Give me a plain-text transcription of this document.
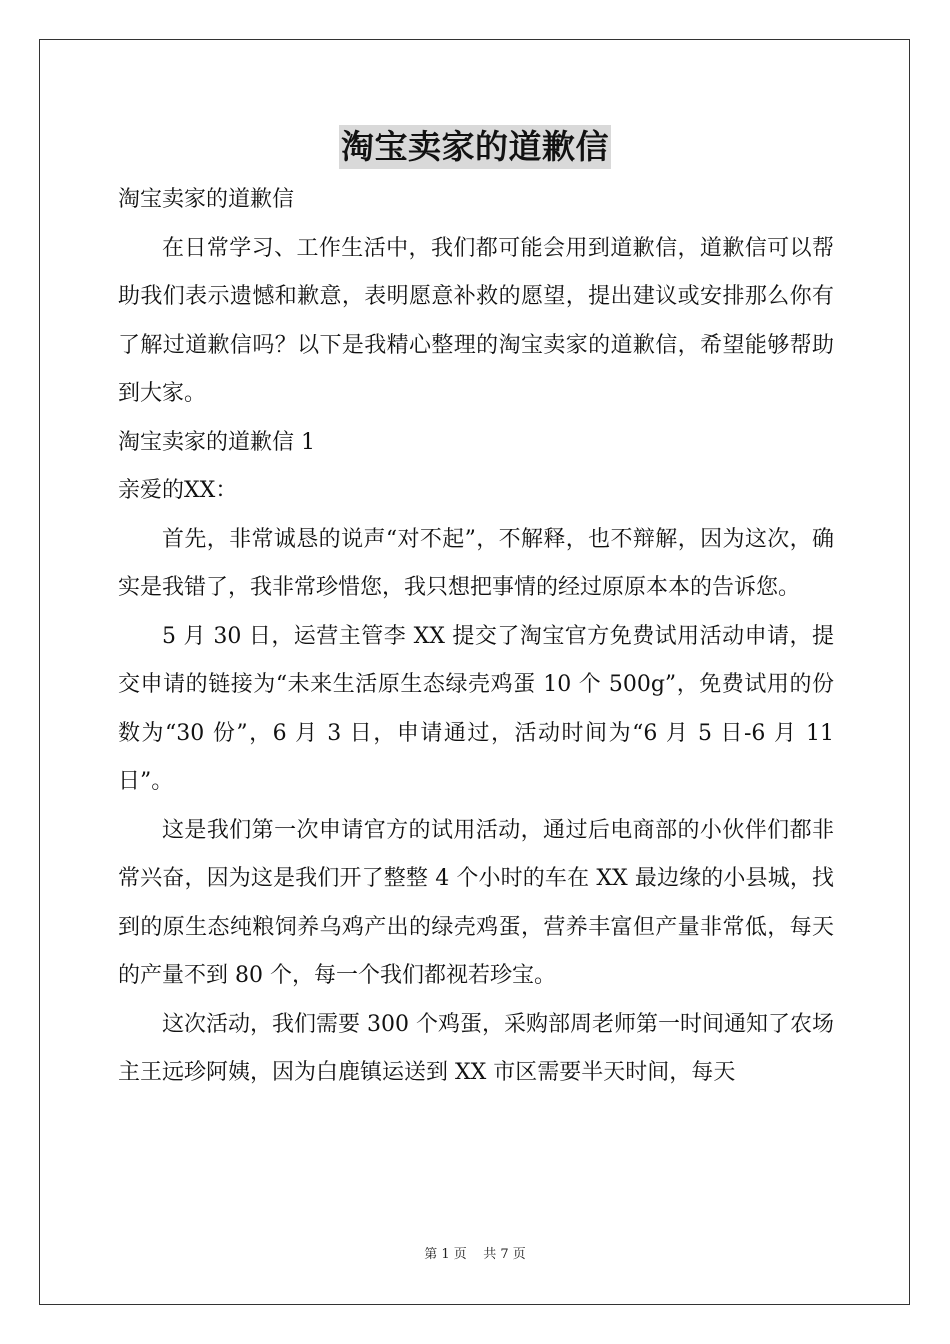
淘宝卖家的道歉信

淘宝卖家的道歉信

在日常学习、工作生活中，我们都可能会用到道歉信，道歉信可以帮助我们表示遗憾和歉意，表明愿意补救的愿望，提出建议或安排那么你有了解过道歉信吗？以下是我精心整理的淘宝卖家的道歉信，希望能够帮助到大家。

淘宝卖家的道歉信 1

亲爱的XX：

首先，非常诚恳的说声“对不起”，不解释，也不辩解，因为这次，确实是我错了，我非常珍惜您，我只想把事情的经过原原本本的告诉您。

5 月 30 日，运营主管李 XX 提交了淘宝官方免费试用活动申请，提交申请的链接为“未来生活原生态绿壳鸡蛋 10 个 500g”，免费试用的份数为“30 份”，6 月 3 日，申请通过，活动时间为“6 月 5 日-6 月 11 日”。

这是我们第一次申请官方的试用活动，通过后电商部的小伙伴们都非常兴奋，因为这是我们开了整整 4 个小时的车在 XX 最边缘的小县城，找到的原生态纯粮饲养乌鸡产出的绿壳鸡蛋，营养丰富但产量非常低，每天的产量不到 80 个，每一个我们都视若珍宝。

这次活动，我们需要 300 个鸡蛋，采购部周老师第一时间通知了农场主王远珍阿姨，因为白鹿镇运送到 XX 市区需要半天时间，每天

第 1 页 共 7 页
